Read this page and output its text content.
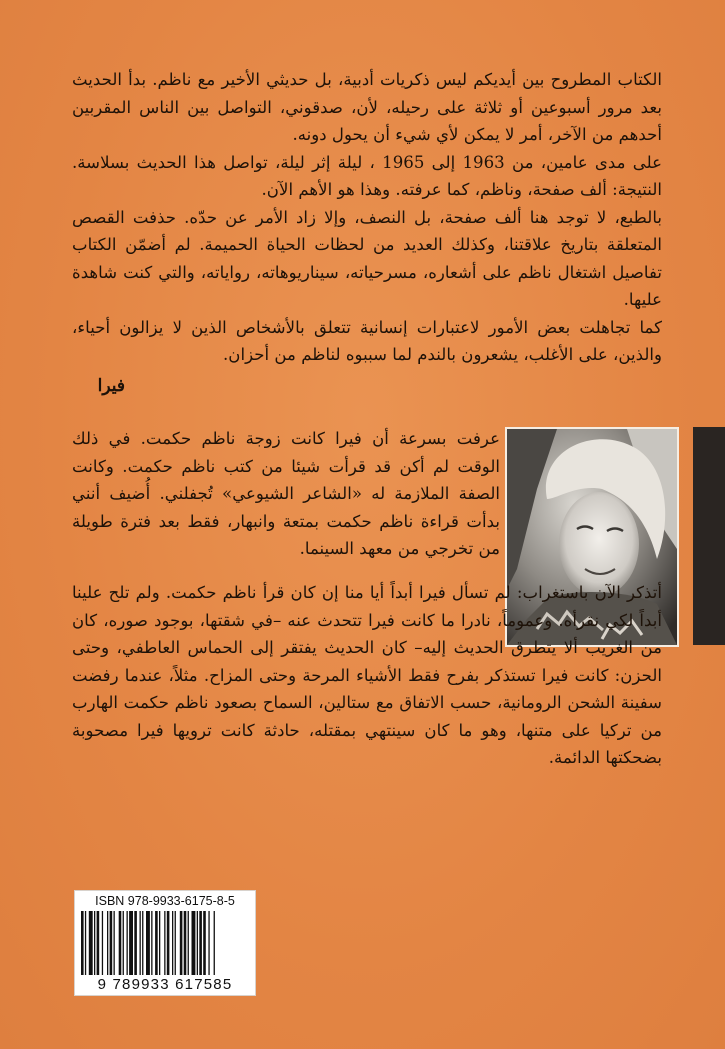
الكتاب المطروح بين أيديكم ليس ذكريات أدبية، بل حديثي الأخير مع ناظم. بدأ الحديث بعد مرور أسبوعين أو ثلاثة على رحيله، لأن، صدقوني، التواصل بين الناس المقربين أحدهم من الآخر، أمر لا يمكن لأي شيء أن يحول دونه.

على مدى عامين، من 1963 إلى 1965 ، ليلة إثر ليلة، تواصل هذا الحديث بسلاسة. النتيجة: ألف صفحة، وناظم، كما عرفته. وهذا هو الأهم الآن.

بالطبع، لا توجد هنا ألف صفحة، بل النصف، وإلا زاد الأمر عن حدّه. حذفت القصص المتعلقة بتاريخ علاقتنا، وكذلك العديد من لحظات الحياة الحميمة. لم أضمّن الكتاب تفاصيل اشتغال ناظم على أشعاره، مسرحياته، سيناريوهاته، رواياته، والتي كنت شاهدة عليها.

كما تجاهلت بعض الأمور لاعتبارات إنسانية تتعلق بالأشخاص الذين لا يزالون أحياء، والذين، على الأغلب، يشعرون بالندم لما سببوه لناظم من أحزان.

فيرا

عرفت بسرعة أن فيرا كانت زوجة ناظم حكمت. في ذلك الوقت لم أكن قد قرأت شيئا من كتب ناظم حكمت. وكانت الصفة الملازمة له «الشاعر الشيوعي» تُجفلني. أُضيف أنني بدأت قراءة ناظم حكمت بمتعة وانبهار، فقط بعد فترة طويلة من تخرجي من معهد السينما.

أتذكر الآن باستغراب: لم تسأل فيرا أبداً أيا منا إن كان قرأ ناظم حكمت. ولم تلح علينا أبداً لكي نقرأه. وعموماً، نادرا ما كانت فيرا تتحدث عنه –في شقتها، بوجود صوره، كان من الغريب ألا يتطرق الحديث إليه– كان الحديث يفتقر إلى الحماس العاطفي، وحتى الحزن: كانت فيرا تستذكر بفرح فقط الأشياء المرحة وحتى المزاح. مثلاً، عندما رفضت سفينة الشحن الرومانية، حسب الاتفاق مع ستالين، السماح بصعود ناظم حكمت الهارب من تركيا على متنها، وهو ما كان سينتهي بمقتله، حادثة كانت ترويها فيرا مصحوبة بضحكتها الدائمة.

ISBN 978-9933-6175-8-5
9 789933 617585
